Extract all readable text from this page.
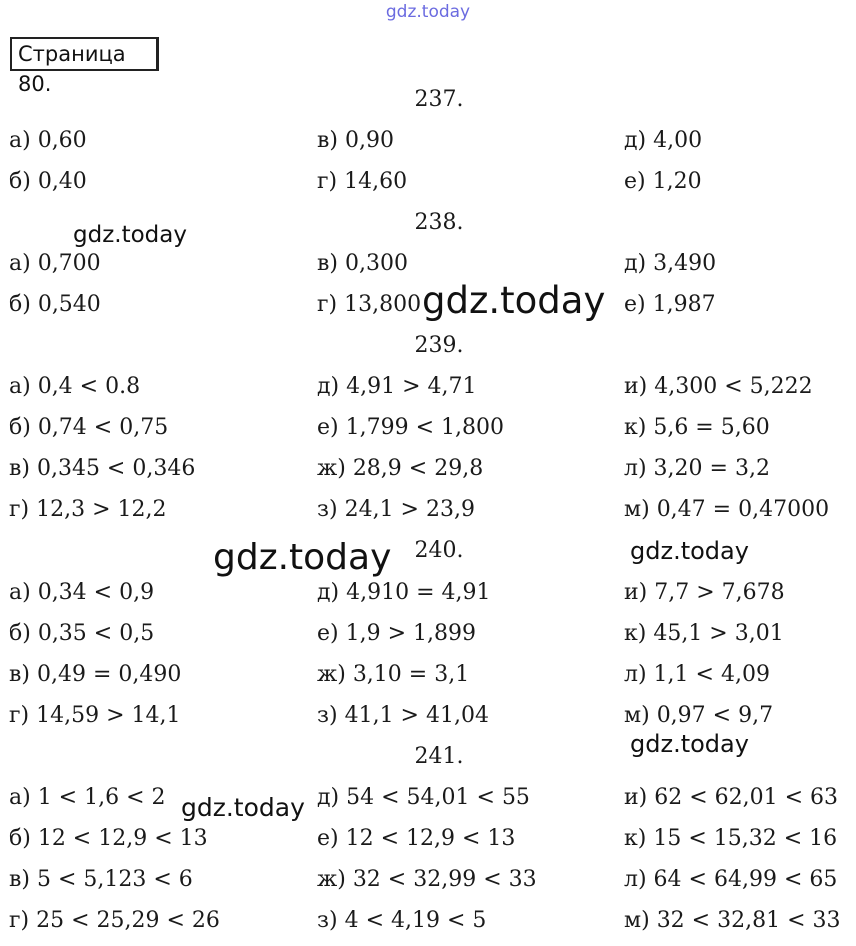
gdz.today
Страница 80.
237.
а) 0,60	в) 0,90	д) 4,00
б) 0,40	г) 14,60	е) 1,20
238.
а) 0,700	в) 0,300	д) 3,490
б) 0,540	г) 13,800	е) 1,987
239.
а) 0,4 < 0.8	д) 4,91 > 4,71	и) 4,300 < 5,222
б) 0,74 < 0,75	е) 1,799 < 1,800	к) 5,6 = 5,60
в) 0,345 < 0,346	ж) 28,9 < 29,8	л) 3,20 = 3,2
г) 12,3 > 12,2	з) 24,1 > 23,9	м) 0,47 = 0,47000
240.
а) 0,34 < 0,9	д) 4,910 = 4,91	и) 7,7 > 7,678
б) 0,35 < 0,5	е) 1,9 > 1,899	к) 45,1 > 3,01
в) 0,49 = 0,490	ж) 3,10 = 3,1	л) 1,1 < 4,09
г) 14,59 > 14,1	з) 41,1 > 41,04	м) 0,97 < 9,7
241.
а) 1 < 1,6 < 2	д) 54 < 54,01 < 55	и) 62 < 62,01 < 63
б) 12 < 12,9 < 13	е) 12 < 12,9 < 13	к) 15 < 15,32 < 16
в) 5 < 5,123 < 6	ж) 32 < 32,99 < 33	л) 64 < 64,99 < 65
г) 25 < 25,29 < 26	з) 4 < 4,19 < 5	м) 32 < 32,81 < 33
gdz.today
gdz.today
gdz.today	gdz.today
gdz.today
gdz.today
